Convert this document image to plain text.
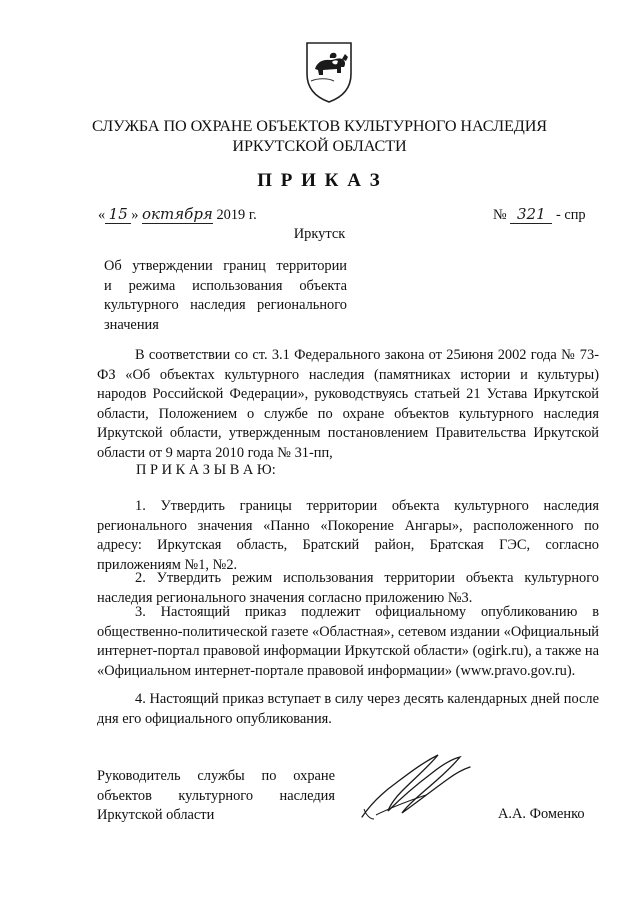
СЛУЖБА ПО ОХРАНЕ ОБЪЕКТОВ КУЛЬТУРНОГО НАСЛЕДИЯ
ИРКУТСКОЙ ОБЛАСТИ
П Р И К А З
« 15 » октября 2019 г.	№ 321 - спр
Иркутск
Об утверждении границ территории
и режима использования объекта
культурного наследия регионального
значения

В соответствии со ст. 3.1 Федерального закона от 25июня 2002 года № 73-ФЗ «Об объектах культурного наследия (памятниках истории и культуры) народов Российской Федерации», руководствуясь статьей 21 Устава Иркутской области, Положением о службе по охране объектов культурного наследия Иркутской области, утвержденным постановлением Правительства Иркутской области от 9 марта 2010 года № 31-пп,

П Р И К А З Ы В А Ю:

1. Утвердить границы территории объекта культурного наследия регионального значения «Панно «Покорение Ангары», расположенного по адресу: Иркутская область, Братский район, Братская ГЭС, согласно приложениям №1, №2.

2. Утвердить режим использования территории объекта культурного наследия регионального значения согласно приложению №3.

3. Настоящий приказ подлежит официальному опубликованию в общественно-политической газете «Областная», сетевом издании «Официальный интернет-портал правовой информации Иркутской области» (ogirk.ru), а также на «Официальном интернет-портале правовой информации» (www.pravo.gov.ru).

4. Настоящий приказ вступает в силу через десять календарных дней после дня его официального опубликования.

Руководитель службы по охране объектов культурного наследия Иркутской области	А.А. Фоменко
